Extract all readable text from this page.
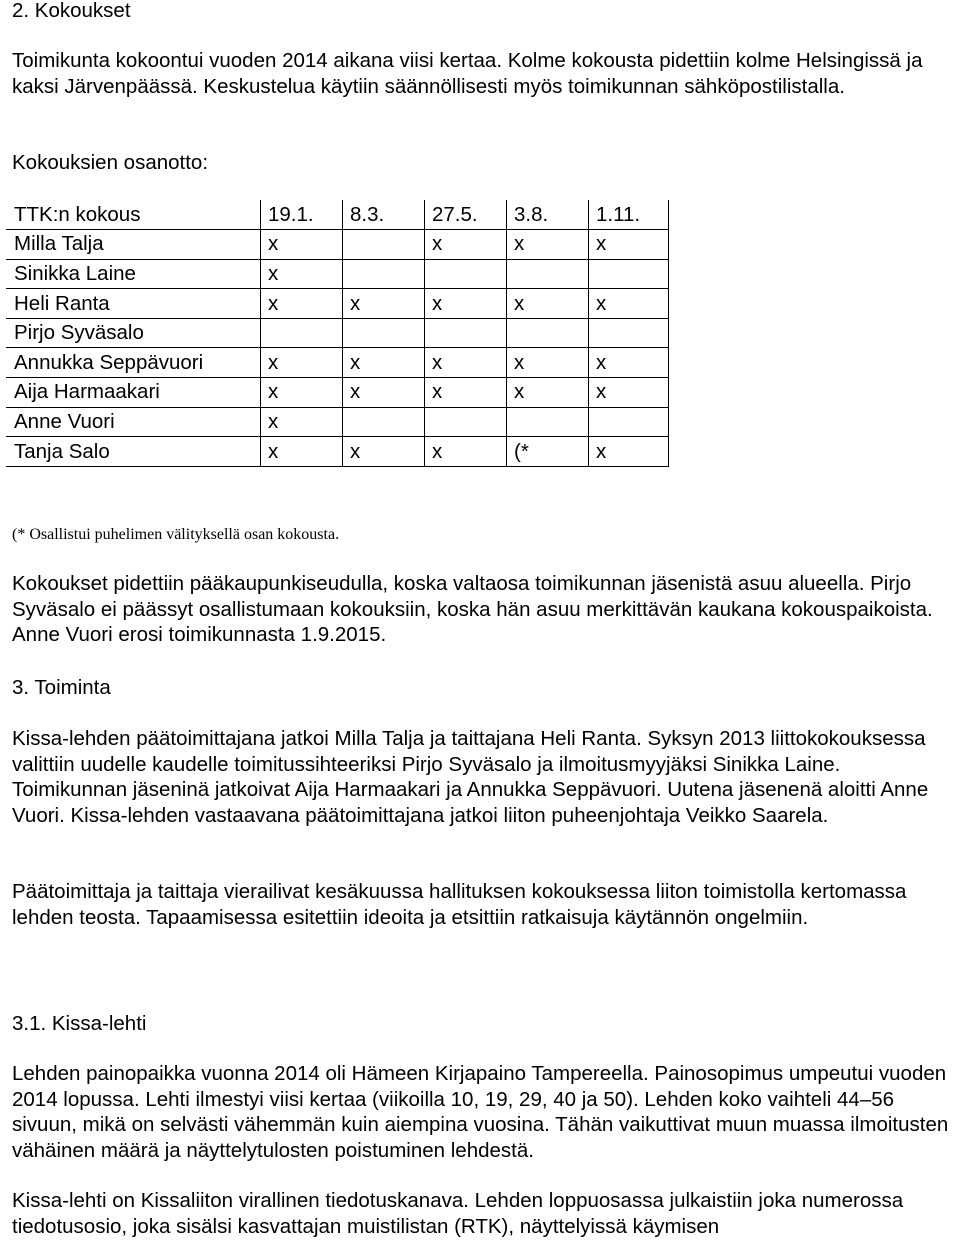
2. Kokoukset

Toimikunta kokoontui vuoden 2014 aikana viisi kertaa. Kolme kokousta pidettiin kolme Helsingissä ja kaksi Järvenpäässä. Keskustelua käytiin säännöllisesti myös toimikunnan sähköpostilistalla.

Kokouksien osanotto:

TTK:n kokous	19.1.	8.3.	27.5.	3.8.	1.11.
Milla Talja	x		x	x	x
Sinikka Laine	x				
Heli Ranta	x	x	x	x	x
Pirjo Syväsalo					
Annukka Seppävuori	x	x	x	x	x
Aija Harmaakari	x	x	x	x	x
Anne Vuori	x				
Tanja Salo	x	x	x	(*	x
(* Osallistui puhelimen välityksellä osan kokousta.

Kokoukset pidettiin pääkaupunkiseudulla, koska valtaosa toimikunnan jäsenistä asuu alueella. Pirjo Syväsalo ei päässyt osallistumaan kokouksiin, koska hän asuu merkittävän kaukana kokouspaikoista. Anne Vuori erosi toimikunnasta 1.9.2015.

3. Toiminta

Kissa-lehden päätoimittajana jatkoi Milla Talja ja taittajana Heli Ranta. Syksyn 2013 liittokokouksessa valittiin uudelle kaudelle toimitussihteeriksi Pirjo Syväsalo ja ilmoitusmyyjäksi Sinikka Laine. Toimikunnan jäseninä jatkoivat Aija Harmaakari ja Annukka Seppävuori. Uutena jäsenenä aloitti Anne Vuori. Kissa-lehden vastaavana päätoimittajana jatkoi liiton puheenjohtaja Veikko Saarela.

Päätoimittaja ja taittaja vierailivat kesäkuussa hallituksen kokouksessa liiton toimistolla kertomassa lehden teosta. Tapaamisessa esitettiin ideoita ja etsittiin ratkaisuja käytännön ongelmiin.

3.1. Kissa-lehti

Lehden painopaikka vuonna 2014 oli Hämeen Kirjapaino Tampereella. Painosopimus umpeutui vuoden 2014 lopussa. Lehti ilmestyi viisi kertaa (viikoilla 10, 19, 29, 40 ja 50). Lehden koko vaihteli 44–56 sivuun, mikä on selvästi vähemmän kuin aiempina vuosina. Tähän vaikuttivat muun muassa ilmoitusten vähäinen määrä ja näyttelytulosten poistuminen lehdestä.

Kissa-lehti on Kissaliiton virallinen tiedotuskanava. Lehden loppuosassa julkaistiin joka numerossa tiedotusosio, joka sisälsi kasvattajan muistilistan (RTK), näyttelyissä käymisen
